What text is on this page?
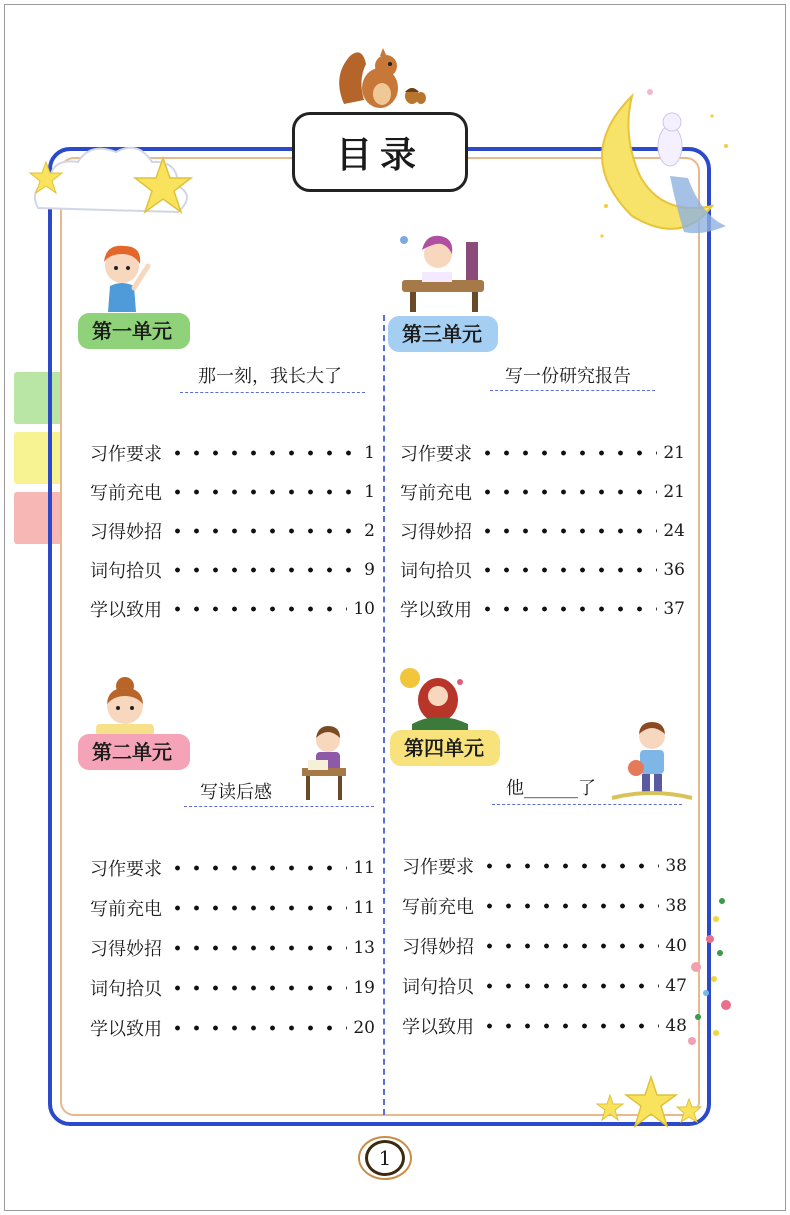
目录
第一单元
那一刻，我长大了
习作要求	1
写前充电	1
习得妙招	2
词句拾贝	9
学以致用	10
第三单元
写一份研究报告
习作要求	21
写前充电	21
习得妙招	24
词句拾贝	36
学以致用	37
第二单元
写读后感
习作要求	11
写前充电	11
习得妙招	13
词句拾贝	19
学以致用	20
第四单元
他______了
习作要求	38
写前充电	38
习得妙招	40
词句拾贝	47
学以致用	48
1
